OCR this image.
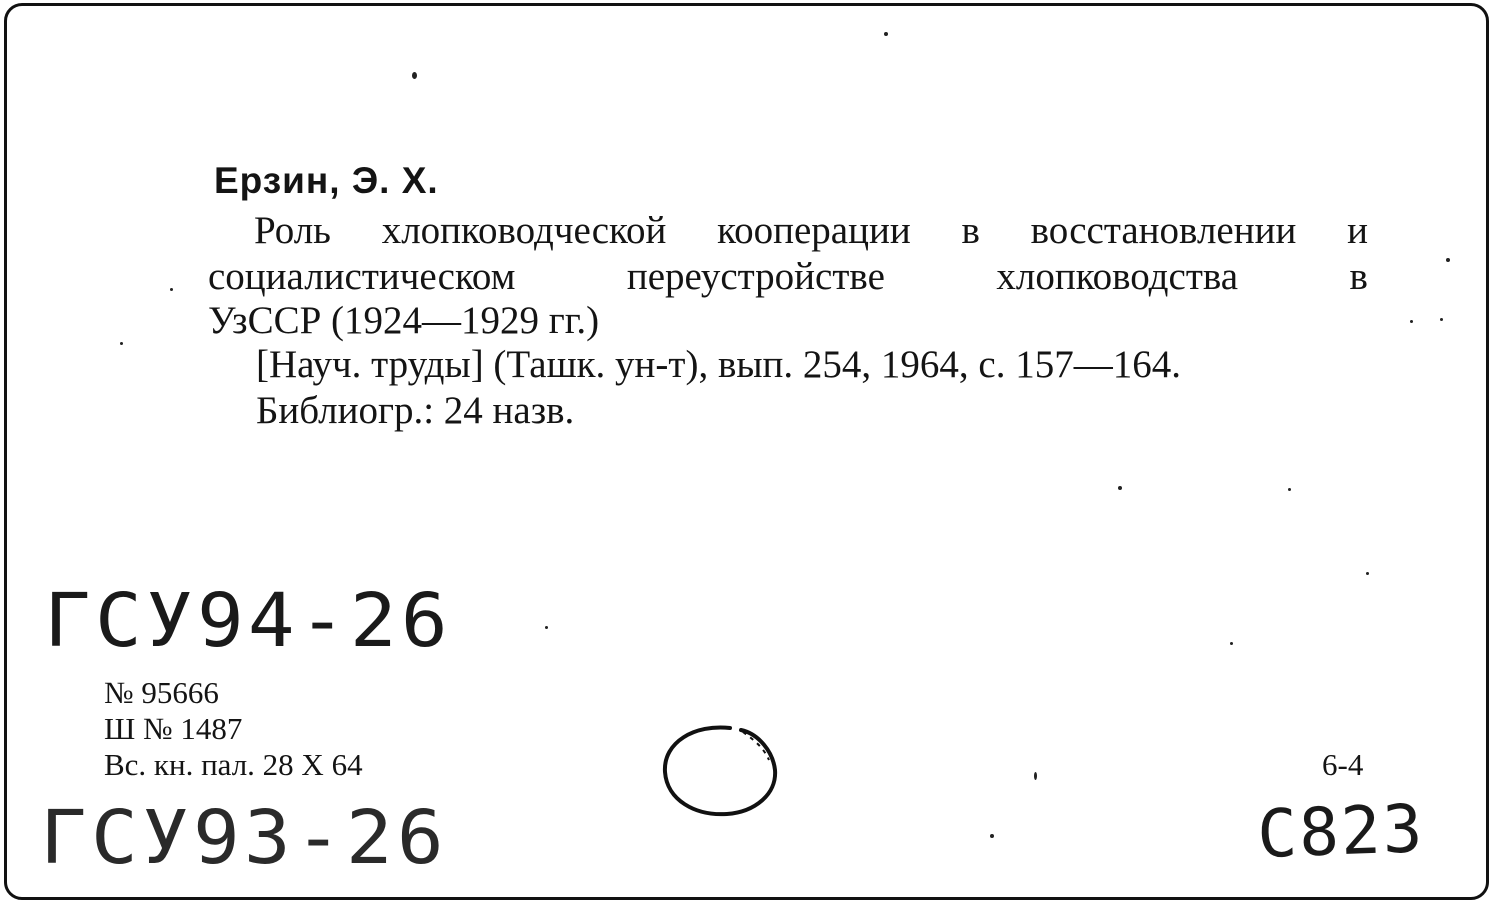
Ерзин, Э. Х.
Роль хлопководческой кооперации в восстановлении и
социалистическом	переустройстве	хлопководства	в
УзССР (1924—1929 гг.)
[Науч. труды] (Ташк. ун-т), вып. 254, 1964, с. 157—164.
Библиогр.: 24 назв.
ГСУ94-26
ГСУ93-26	С823
№ 95666
Ш № 1487
Вс. кн. пал. 28 X 64	6-4
